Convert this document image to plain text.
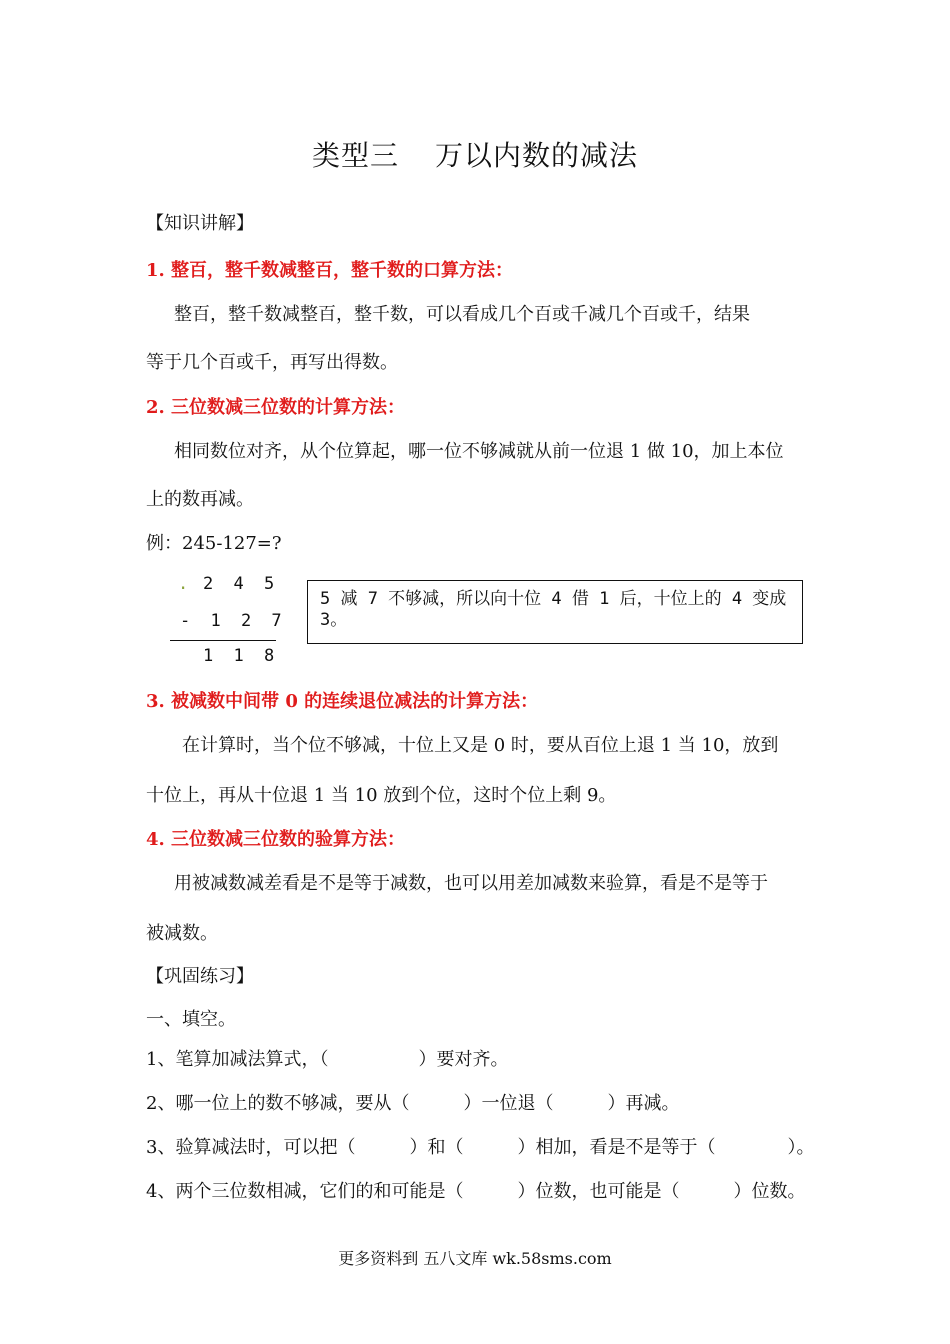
类型三 万以内数的减法
【知识讲解】
1. 整百，整千数减整百，整千数的口算方法：
整百，整千数减整百，整千数，可以看成几个百或千减几个百或千，结果
等于几个百或千，再写出得数。
2. 三位数减三位数的计算方法：
相同数位对齐，从个位算起，哪一位不够减就从前一位退 1 做 10，加上本位
上的数再减。
例：245-127=?
. 2 4 5
- 1 2 7
1 1 8
5 减 7 不够减，所以向十位 4 借 1 后，十位上的 4 变成 3。
3. 被减数中间带 0 的连续退位减法的计算方法：
在计算时，当个位不够减，十位上又是 0 时，要从百位上退 1 当 10，放到
十位上，再从十位退 1 当 10 放到个位，这时个位上剩 9。
4. 三位数减三位数的验算方法：
用被减数减差看是不是等于减数，也可以用差加减数来验算，看是不是等于
被减数。
【巩固练习】
一、填空。
1、笔算加减法算式，（　　　　　）要对齐。
2、哪一位上的数不够减，要从（　　　）一位退（　　　）再减。
3、验算减法时，可以把（　　　）和（　　　）相加，看是不是等于（　　　　）。
4、两个三位数相减，它们的和可能是（　　　）位数，也可能是（　　　）位数。
更多资料到 五八文库 wk.58sms.com
